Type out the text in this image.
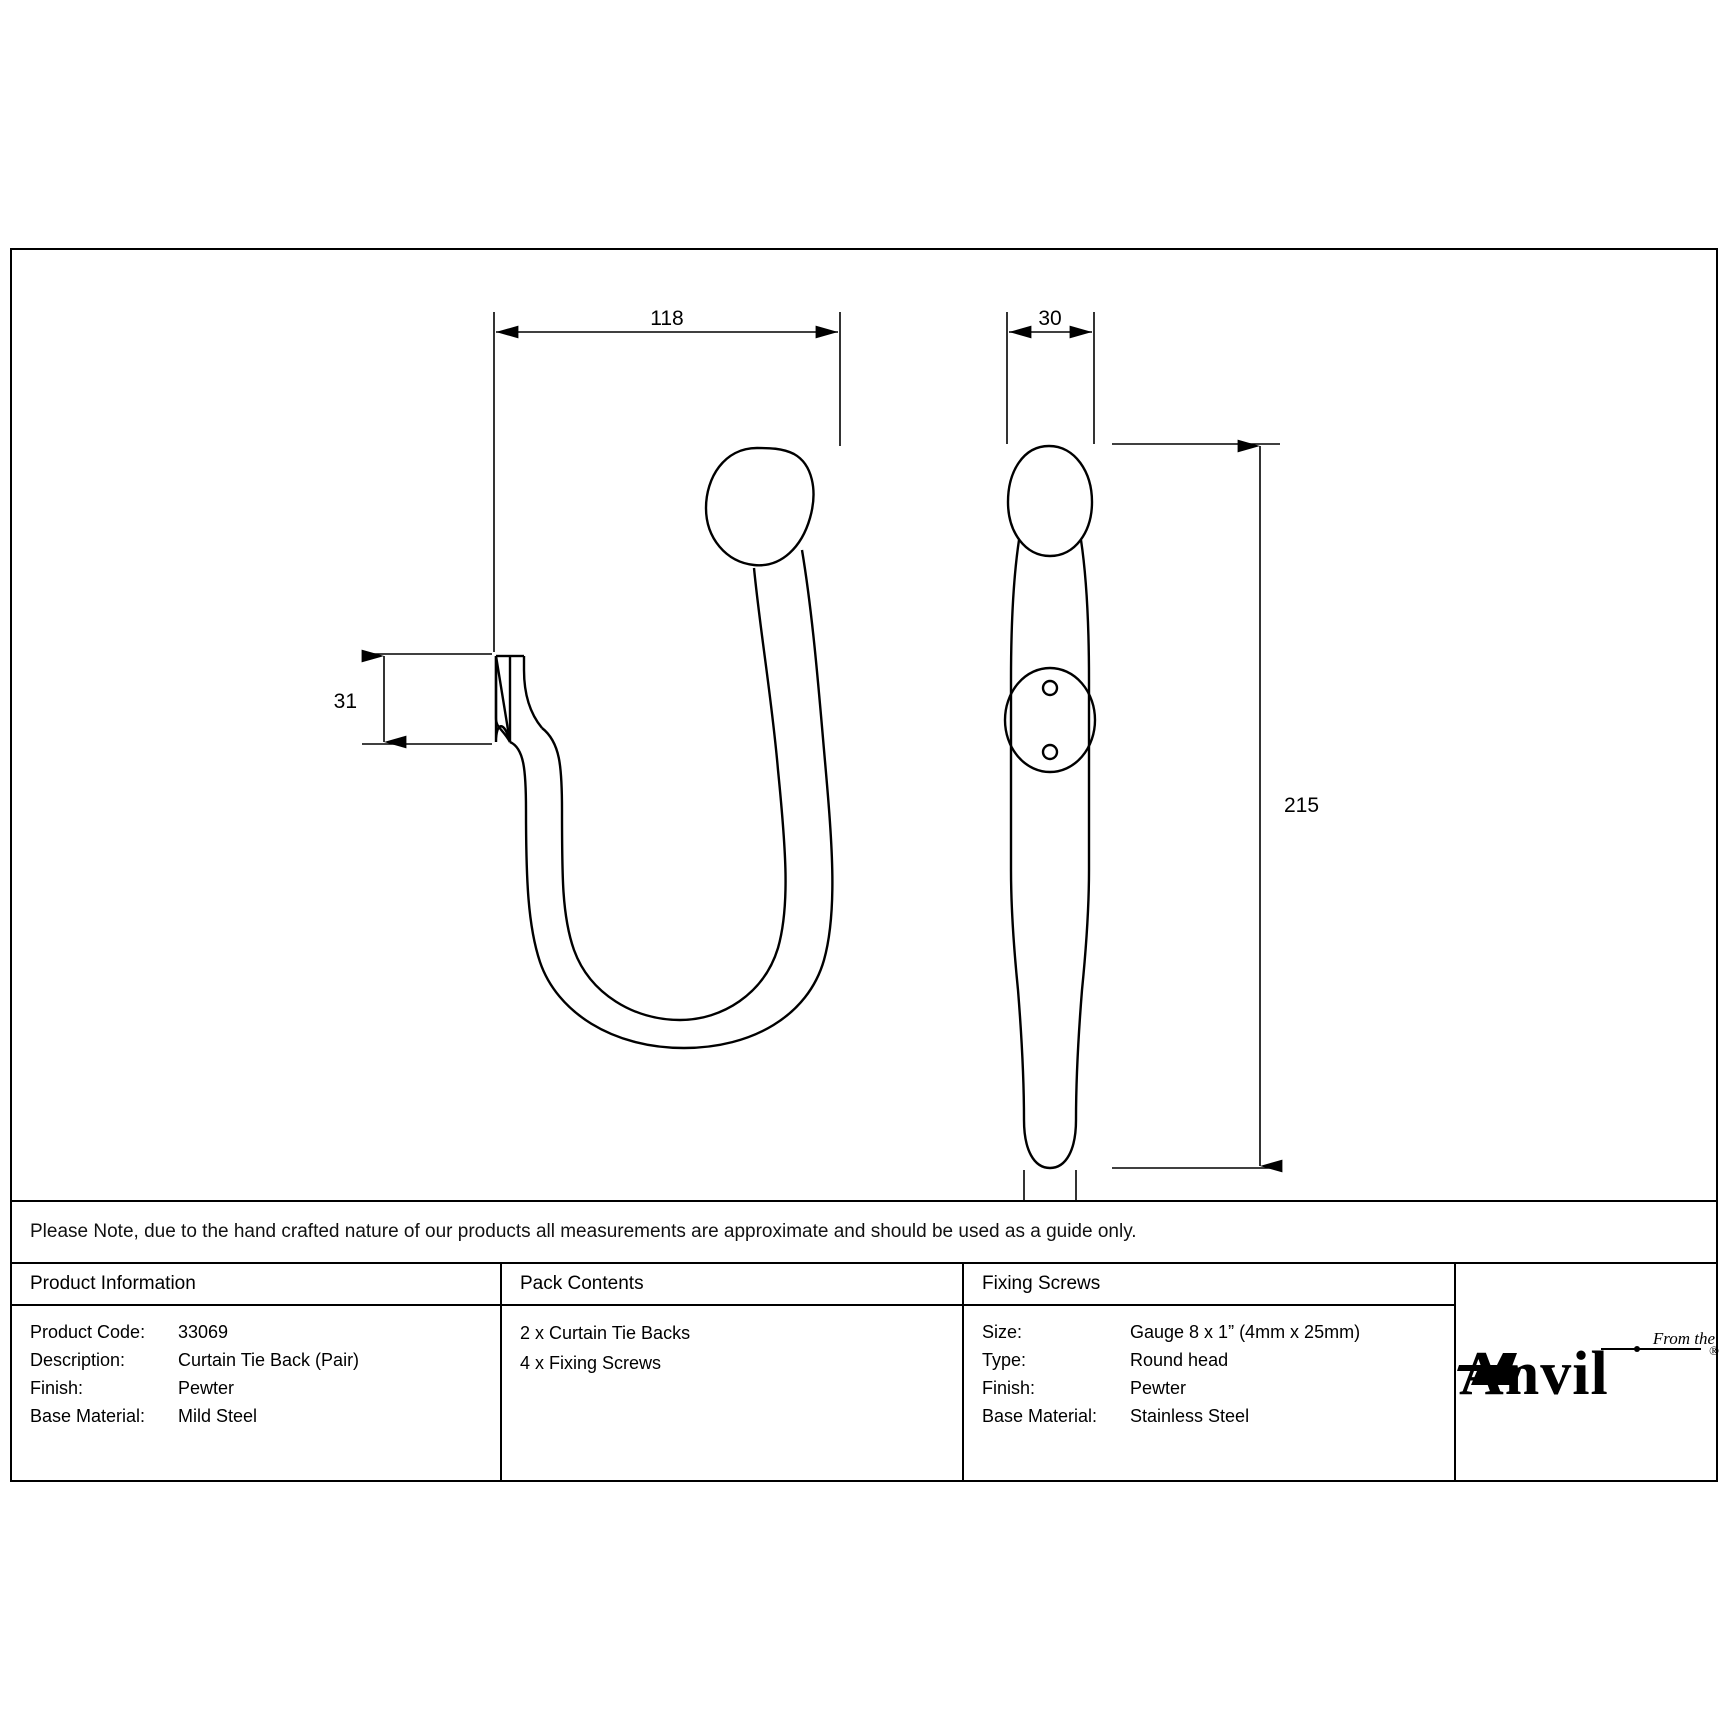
118
31
30
215
Please Note, due to the hand crafted nature of our products all measurements are approximate and should be used as a guide only.
Product Information
Product Code:	33069
Description:	Curtain Tie Back (Pair)
Finish:	Pewter
Base Material:	Mild Steel
Pack Contents
2 x Curtain Tie Backs
4 x Fixing Screws
Fixing Screws
Size:	Gauge 8 x 1” (4mm x 25mm)
Type:	Round head
Finish:	Pewter
Base Material:	Stainless Steel
From the
Anvil	®
